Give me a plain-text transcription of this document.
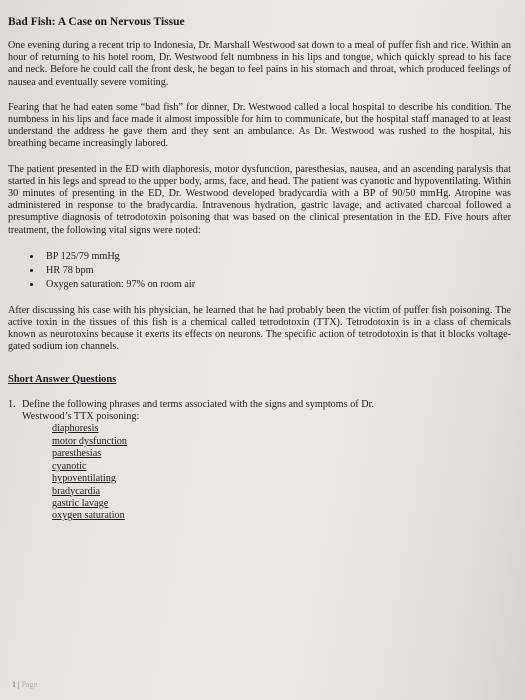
Bad Fish: A Case on Nervous Tissue

One evening during a recent trip to Indonesia, Dr. Marshall Westwood sat down to a meal of puffer fish and rice. Within an hour of returning to his hotel room, Dr. Westwood felt numbness in his lips and tongue, which quickly spread to his face and neck. Before he could call the front desk, he began to feel pains in his stomach and throat, which produced feelings of nausea and eventually severe vomiting.

Fearing that he had eaten some “bad fish” for dinner, Dr. Westwood called a local hospital to describe his condition. The numbness in his lips and face made it almost impossible for him to communicate, but the hospital staff managed to at least understand the address he gave them and they sent an ambulance. As Dr. Westwood was rushed to the hospital, his breathing became increasingly labored.

The patient presented in the ED with diaphoresis, motor dysfunction, paresthesias, nausea, and an ascending paralysis that started in his legs and spread to the upper body, arms, face, and head. The patient was cyanotic and hypoventilating. Within 30 minutes of presenting in the ED, Dr. Westwood developed bradycardia with a BP of 90/50 mmHg. Atropine was administered in response to the bradycardia. Intravenous hydration, gastric lavage, and activated charcoal followed a presumptive diagnosis of tetrodotoxin poisoning that was based on the clinical presentation in the ED. Five hours after treatment, the following vital signs were noted:

• BP 125/79 mmHg
• HR 78 bpm
• Oxygen saturation: 97% on room air

After discussing his case with his physician, he learned that he had probably been the victim of puffer fish poisoning. The active toxin in the tissues of this fish is a chemical called tetrodotoxin (TTX). Tetrodotoxin is in a class of chemicals known as neurotoxins because it exerts its effects on neurons. The specific action of tetrodotoxin is that it blocks voltage-gated sodium ion channels.

Short Answer Questions
1. Define the following phrases and terms associated with the signs and symptoms of Dr.
Westwood’s TTX poisoning:
diaphoresis
motor dysfunction
paresthesias
cyanotic
hypoventilating
bradycardia
gastric lavage
oxygen saturation
1 | Page
